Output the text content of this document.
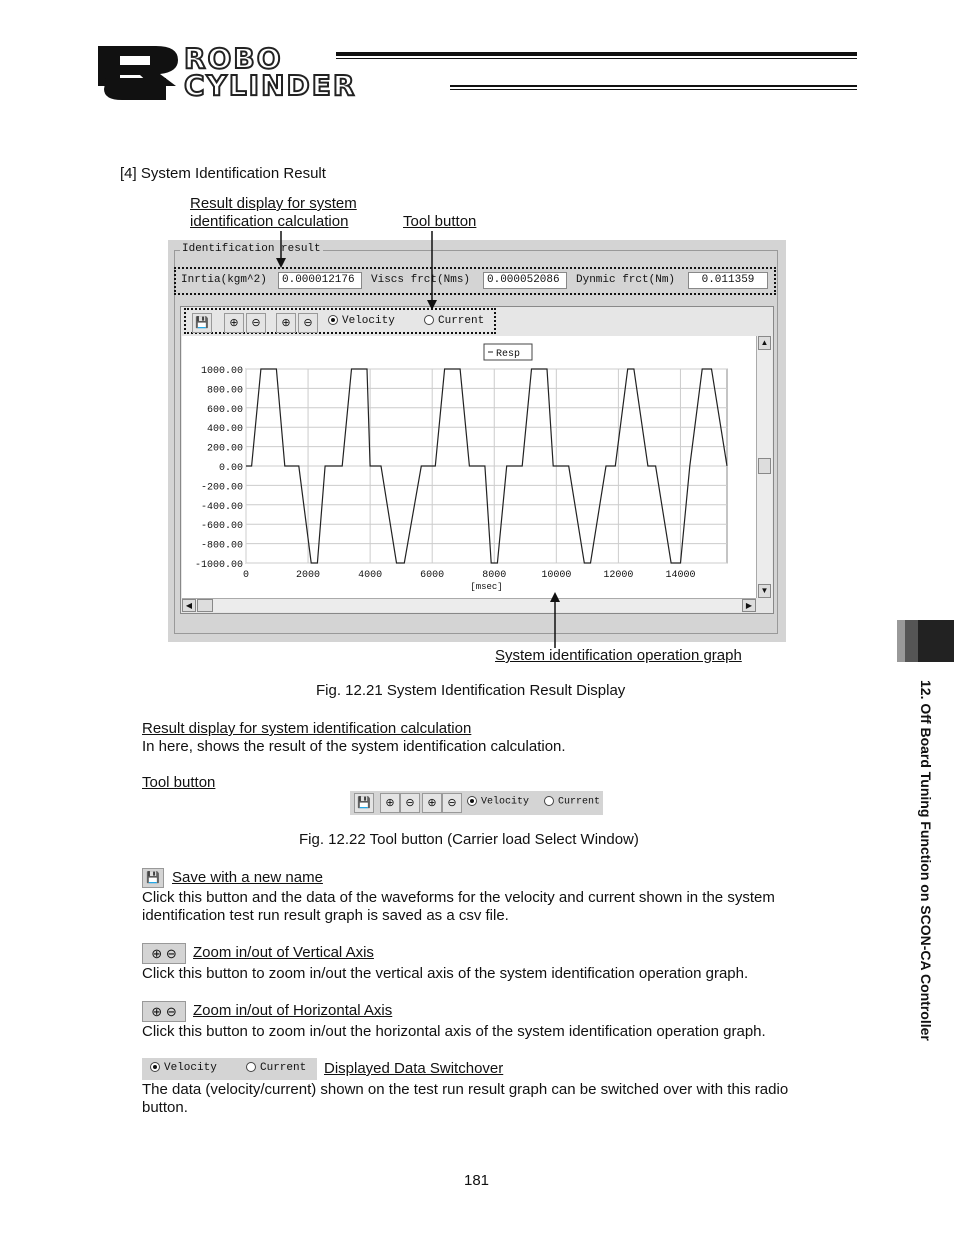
ROBO
CYLINDER
[4] System Identification Result
Result display for system
identification calculation	Tool button
Identification result
Inrtia(kgm^2)	0.000012176	Viscs frct(Nms)	0.000052086	Dynmic frct(Nm)	0.011359
💾	⊕	⊖	⊕	⊖	Velocity	Current
1000.00
800.00
600.00
400.00
200.00
0.00
-200.00
-400.00
-600.00
-800.00
-1000.00
0	2000	4000	6000	8000	10000	12000	14000
[msec]
Resp
▲
▼
◀	▶
System identification operation graph
Fig. 12.21 System Identification Result Display
Result display for system identification calculation
In here, shows the result of the system identification calculation.
Tool button
💾	⊕ ⊖	⊕ ⊖	Velocity	Current
Fig. 12.22 Tool button (Carrier load Select Window)
💾 Save with a new name
Click this button and the data of the waveforms for the velocity and current shown in the system
identification test run result graph is saved as a csv file.
⊕ ⊖	Zoom in/out of Vertical Axis
Click this button to zoom in/out the vertical axis of the system identification operation graph.
⊕ ⊖	Zoom in/out of Horizontal Axis
Click this button to zoom in/out the horizontal axis of the system identification operation graph.
Velocity	Current Displayed Data Switchover
The data (velocity/current) shown on the test run result graph can be switched over with this radio
button.
181
12. Off Board Tuning Function on SCON-CA Controller
